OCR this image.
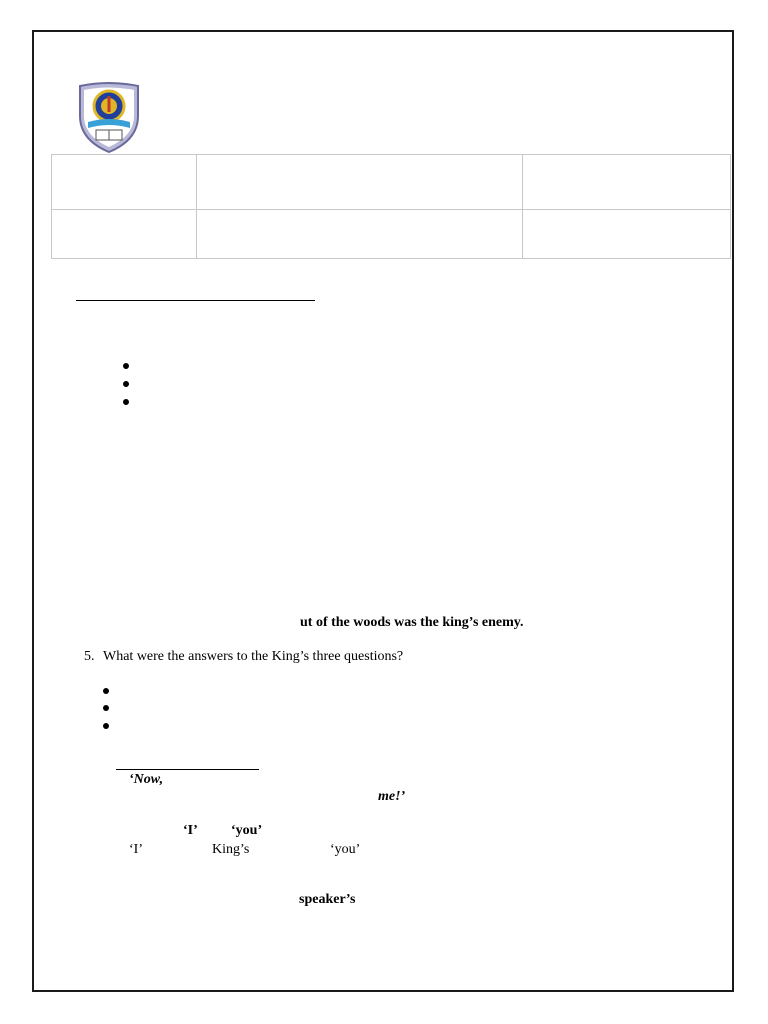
ut of the woods was the king’s enemy.
5. What were the answers to the King’s three questions?
‘Now,
me!’
‘I’ ‘you’
‘I’	King’s	‘you’
speaker’s
